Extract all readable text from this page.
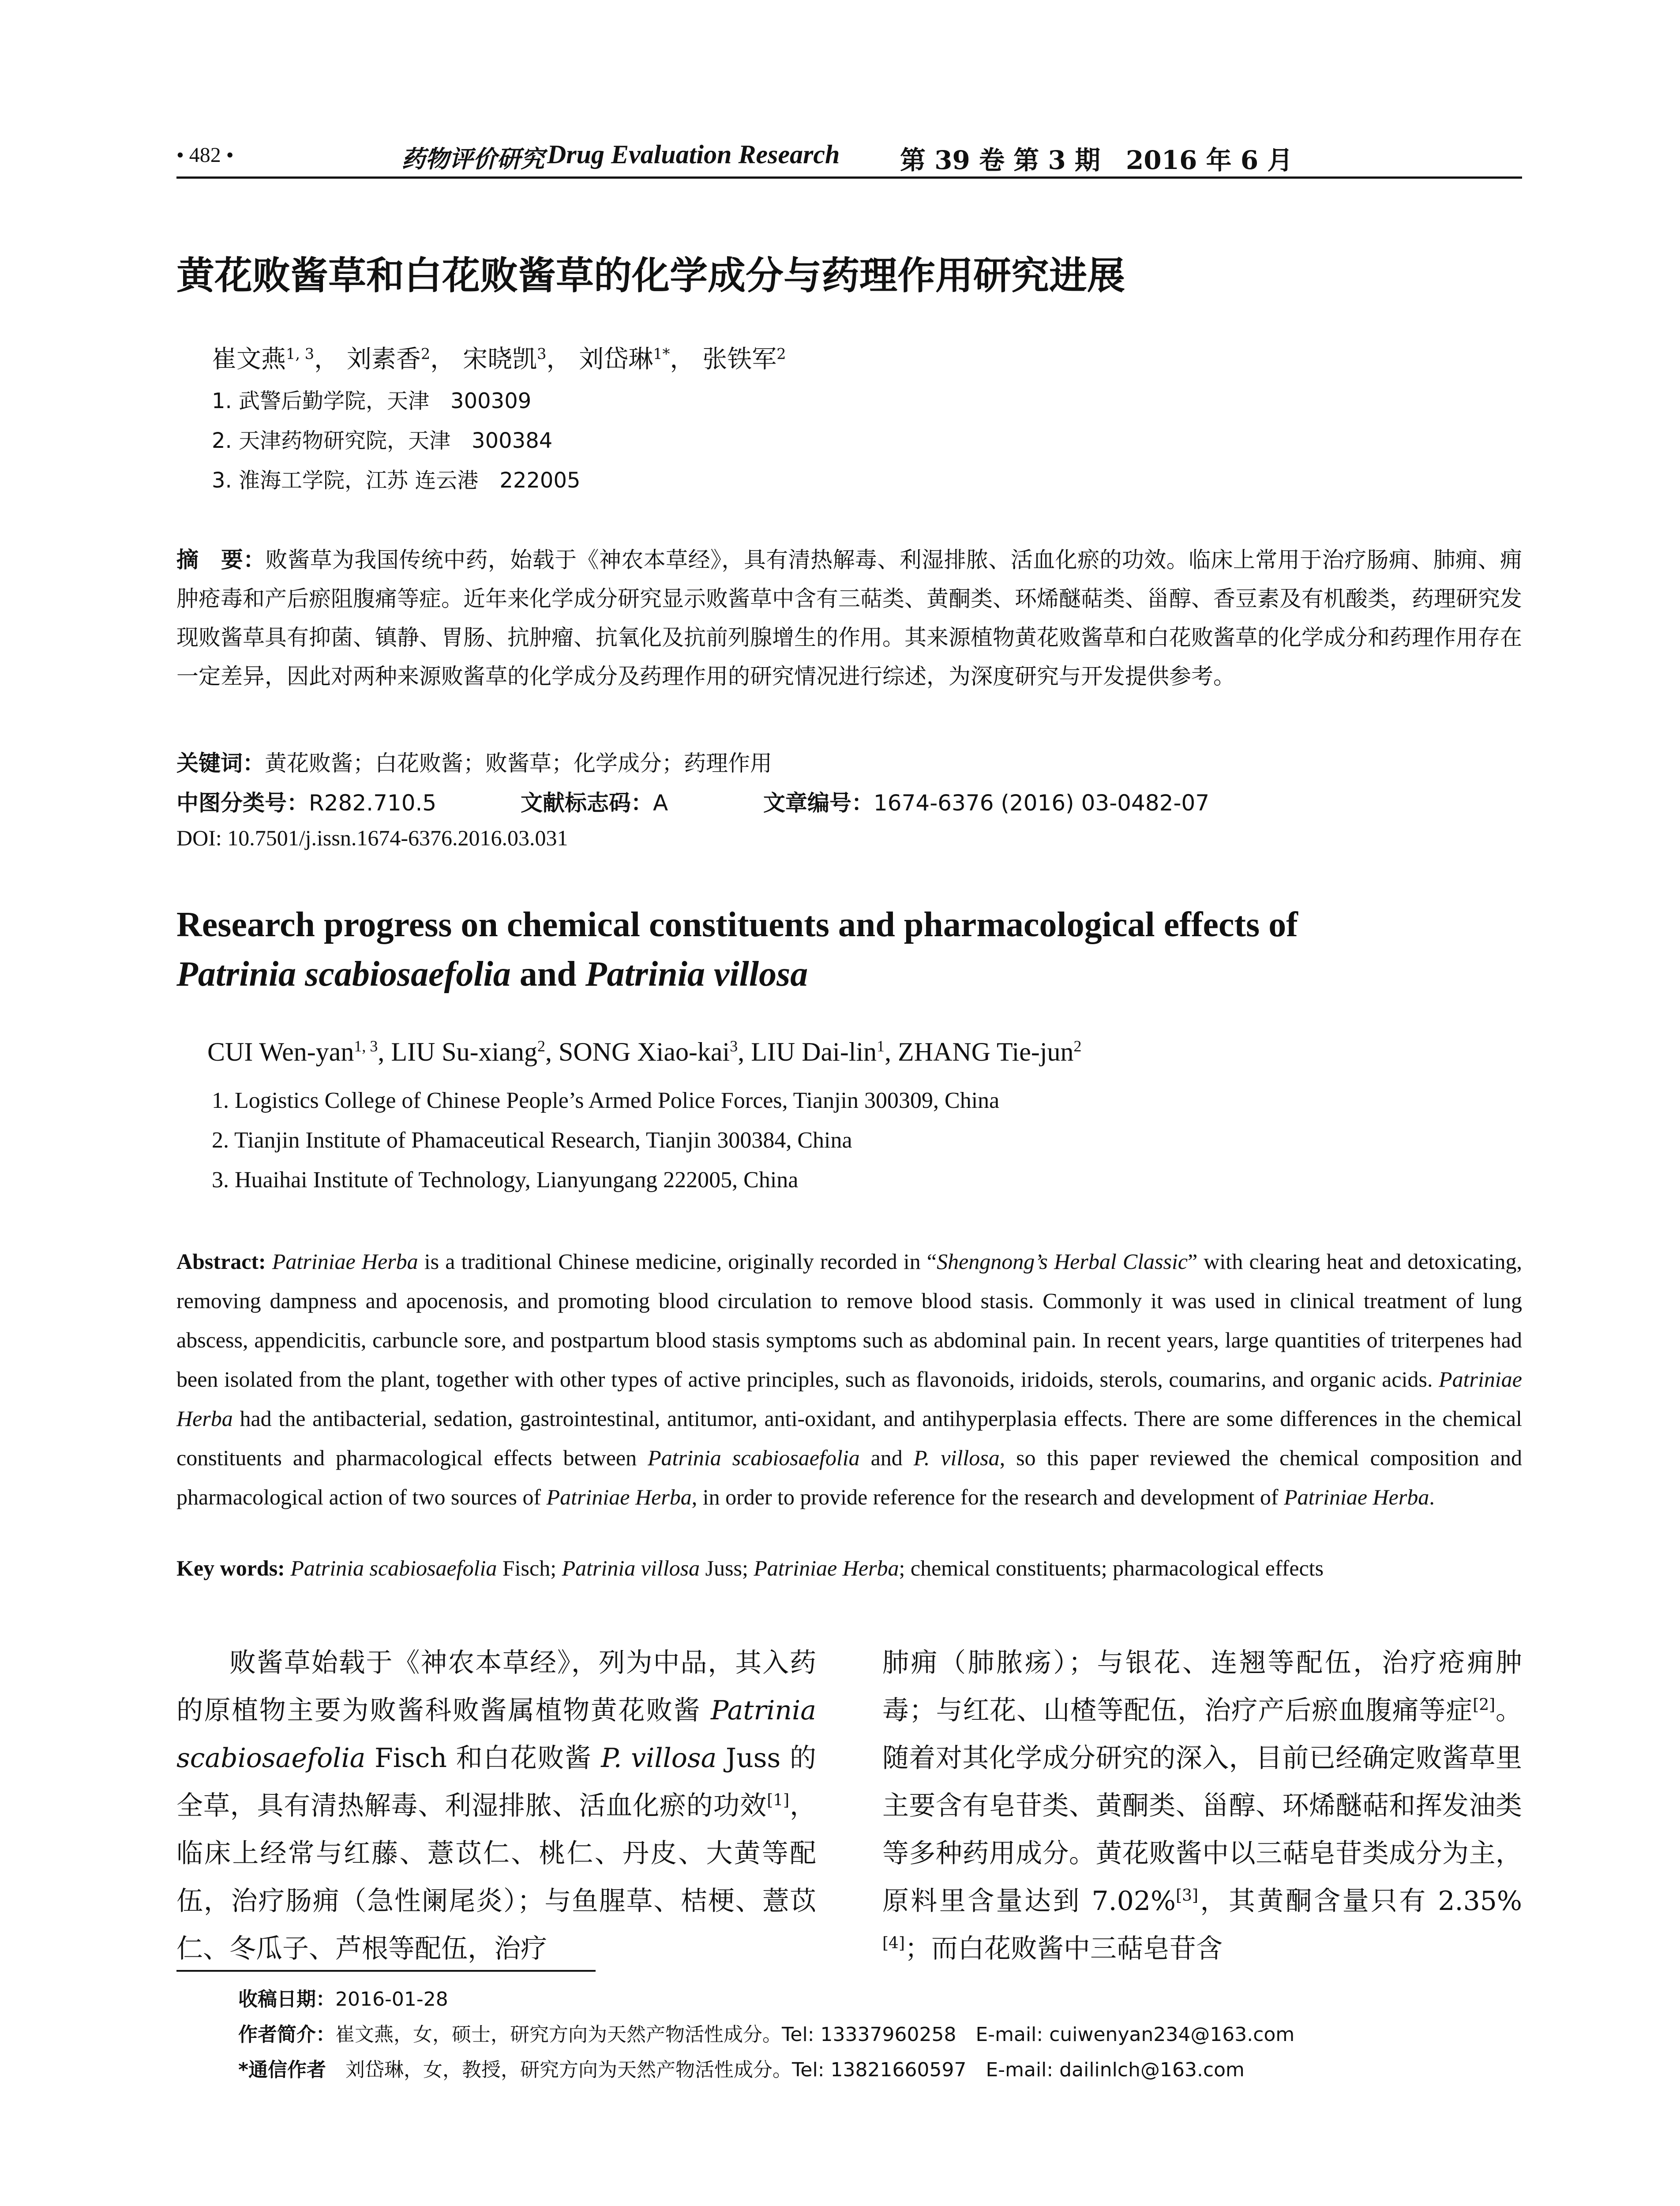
• 482 •	药物评价研究 Drug Evaluation Research 第 39 卷 第 3 期　2016 年 6 月
黄花败酱草和白花败酱草的化学成分与药理作用研究进展
崔文燕$^{1, 3}$， 刘素香$^2$， 宋晓凯$^3$， 刘岱琳$^{1*}$， 张铁军$^2$
1. 武警后勤学院，天津　300309
2. 天津药物研究院，天津　300384
3. 淮海工学院，江苏 连云港　222005
摘　要：败酱草为我国传统中药，始载于《神农本草经》，具有清热解毒、利湿排脓、活血化瘀的功效。临床上常用于治疗肠痈、肺痈、痈肿疮毒和产后瘀阻腹痛等症。近年来化学成分研究显示败酱草中含有三萜类、黄酮类、环烯醚萜类、甾醇、香豆素及有机酸类，药理研究发现败酱草具有抑菌、镇静、胃肠、抗肿瘤、抗氧化及抗前列腺增生的作用。其来源植物黄花败酱草和白花败酱草的化学成分和药理作用存在一定差异，因此对两种来源败酱草的化学成分及药理作用的研究情况进行综述，为深度研究与开发提供参考。
关键词：黄花败酱；白花败酱；败酱草；化学成分；药理作用
中图分类号：R282.710.5	文献标志码：A	文章编号：1674-6376 (2016) 03-0482-07
DOI: 10.7501/j.issn.1674-6376.2016.03.031
Research progress on chemical constituents and pharmacological effects of
Patrinia scabiosaefolia and Patrinia villosa
CUI Wen-yan$^{1, 3}$, LIU Su-xiang$^2$, SONG Xiao-kai$^3$, LIU Dai-lin$^1$, ZHANG Tie-jun$^2$
1. Logistics College of Chinese People’s Armed Police Forces, Tianjin 300309, China
2. Tianjin Institute of Phamaceutical Research, Tianjin 300384, China
3. Huaihai Institute of Technology, Lianyungang 222005, China
Abstract: Patriniae Herba is a traditional Chinese medicine, originally recorded in “Shengnong’s Herbal Classic” with clearing heat and detoxicating, removing dampness and apocenosis, and promoting blood circulation to remove blood stasis. Commonly it was used in clinical treatment of lung abscess, appendicitis, carbuncle sore, and postpartum blood stasis symptoms such as abdominal pain. In recent years, large quantities of triterpenes had been isolated from the plant, together with other types of active principles, such as flavonoids, iridoids, sterols, coumarins, and organic acids. Patriniae Herba had the antibacterial, sedation, gastrointestinal, antitumor, anti-oxidant, and antihyperplasia effects. There are some differences in the chemical constituents and pharmacological effects between Patrinia scabiosaefolia and P. villosa, so this paper reviewed the chemical composition and pharmacological action of two sources of Patriniae Herba, in order to provide reference for the research and development of Patriniae Herba.
Key words: Patrinia scabiosaefolia Fisch; Patrinia villosa Juss; Patriniae Herba; chemical constituents; pharmacological effects
败酱草始载于《神农本草经》，列为中品，其入药的原植物主要为败酱科败酱属植物黄花败酱 Patrinia scabiosaefolia Fisch 和白花败酱 P. villosa Juss 的全草，具有清热解毒、利湿排脓、活血化瘀的功效[1]，临床上经常与红藤、薏苡仁、桃仁、丹皮、大黄等配伍，治疗肠痈（急性阑尾炎）；与鱼腥草、桔梗、薏苡仁、冬瓜子、芦根等配伍，治疗
肺痈（肺脓疡）；与银花、连翘等配伍，治疗疮痈肿毒；与红花、山楂等配伍，治疗产后瘀血腹痛等症[2]。随着对其化学成分研究的深入，目前已经确定败酱草里主要含有皂苷类、黄酮类、甾醇、环烯醚萜和挥发油类等多种药用成分。黄花败酱中以三萜皂苷类成分为主，原料里含量达到 7.02%[3]，其黄酮含量只有 2.35%[4]；而白花败酱中三萜皂苷含
收稿日期：2016-01-28
作者简介：崔文燕，女，硕士，研究方向为天然产物活性成分。Tel: 13337960258　E-mail: cuiwenyan234@163.com
*通信作者　刘岱琳，女，教授，研究方向为天然产物活性成分。Tel: 13821660597　E-mail: dailinlch@163.com
